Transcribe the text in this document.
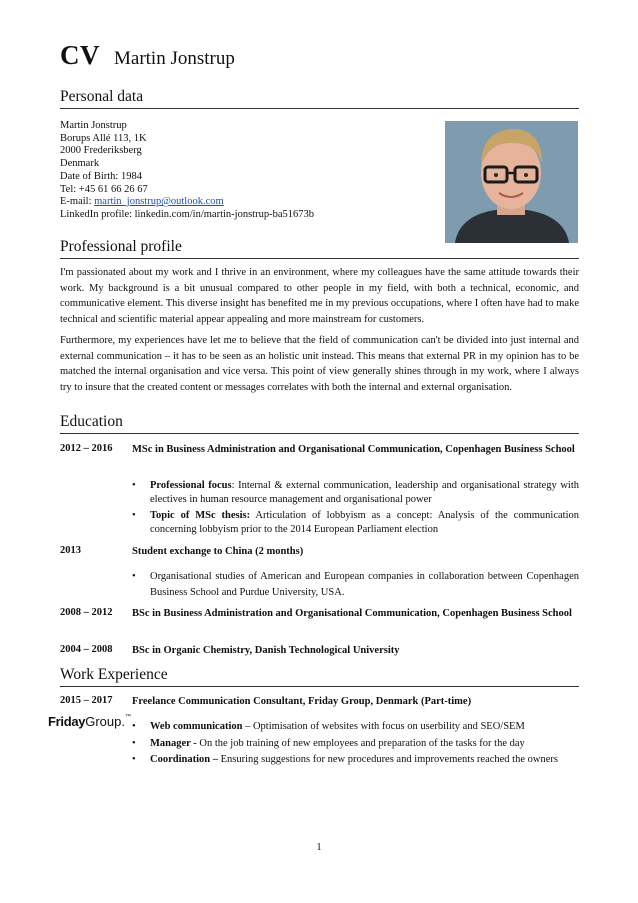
CV Martin Jonstrup
Personal data
Martin Jonstrup
Borups Allé 113, 1K
2000 Frederiksberg
Denmark
Date of Birth: 1984
Tel: +45 61 66 26 67
E-mail: martin_jonstrup@outlook.com
LinkedIn profile: linkedin.com/in/martin-jonstrup-ba51673b
Professional profile

I'm passionated about my work and I thrive in an environment, where my colleagues have the same attitude towards their work. My background is a bit unusual compared to other people in my field, with both a technical, economic, and communicative element. This diverse insight has benefited me in my previous occupations, where I often have had to make technical and scientific material appear appealing and more mainstream for customers.

Furthermore, my experiences have let me to believe that the field of communication can't be divided into just internal and external communication – it has to be seen as an holistic unit instead. This means that external PR in my opinion has to be matched the internal organisation and vice versa. This point of view generally shines through in my work, where I always try to insure that the created content or messages correlates with both the internal and external organisation.

Education
2012 – 2016	MSc in Business Administration and Organisational Communication, Copenhagen Business School
• Professional focus: Internal & external communication, leadership and organisational strategy with electives in human resource management and organisational power
• Topic of MSc thesis: Articulation of lobbyism as a concept: Analysis of the communication concerning lobbyism prior to the 2014 European Parliament election
2013	Student exchange to China (2 months)
• Organisational studies of American and European companies in collaboration between Copenhagen Business School and Purdue University, USA.
2008 – 2012	BSc in Business Administration and Organisational Communication, Copenhagen Business School
2004 – 2008	BSc in Organic Chemistry, Danish Technological University
Work Experience
2015 – 2017	Freelance Communication Consultant, Friday Group, Denmark (Part-time)
FridayGroup.™
• Web communication – Optimisation of websites with focus on userbility and SEO/SEM
• Manager - On the job training of new employees and preparation of the tasks for the day
• Coordination – Ensuring suggestions for new procedures and improvements reached the owners
1
